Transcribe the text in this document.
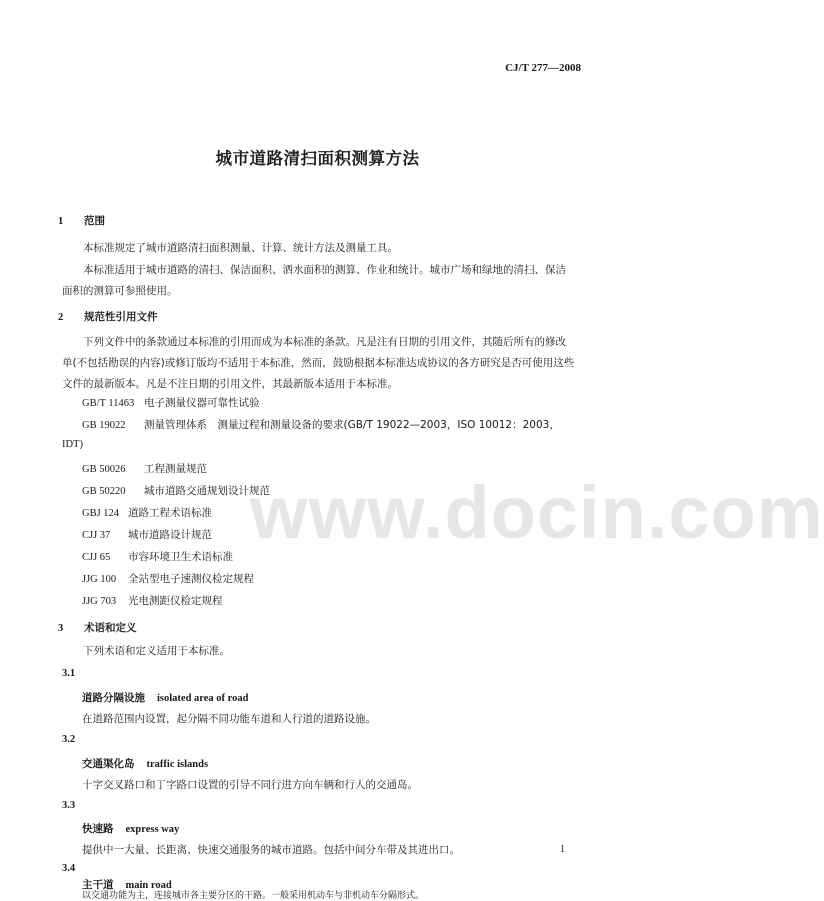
www.docin.com
CJ/T 277—2008
城市道路清扫面积测算方法
1 范围

本标准规定了城市道路清扫面积测量、计算、统计方法及测量工具。

本标准适用于城市道路的清扫、保洁面积、洒水面积的测算、作业和统计。城市广场和绿地的清扫、保洁面积的测算可参照使用。

2 规范性引用文件

下列文件中的条款通过本标准的引用而成为本标准的条款。凡是注有日期的引用文件，其随后所有的修改单(不包括勘误的内容)或修订版均不适用于本标准，然而，鼓励根据本标准达成协议的各方研究是否可使用这些文件的最新版本。凡是不注日期的引用文件，其最新版本适用于本标准。

GB/T 11463 电子测量仪器可靠性试验
GB 19022 测量管理体系　测量过程和测量设备的要求(GB/T 19022—2003，ISO 10012：2003，
IDT)
GB 50026 工程测量规范
GB 50220 城市道路交通规划设计规范
GBJ 124 道路工程术语标准
CJJ 37 城市道路设计规范
CJJ 65 市容环境卫生术语标准
JJG 100 全站型电子速测仪检定规程
JJG 703 光电测距仪检定规程
3 术语和定义

下列术语和定义适用于本标准。

3.1
道路分隔设施 isolated area of road
在道路范围内设置，起分隔不同功能车道和人行道的道路设施。
3.2
交通渠化岛 traffic islands
十字交叉路口和丁字路口设置的引导不同行进方向车辆和行人的交通岛。
3.3
快速路 express way
提供中一大量、长距离、快速交通服务的城市道路。包括中间分车带及其进出口。
3.4
主干道 main road
以交通功能为主，连接城市各主要分区的干路。一般采用机动车与非机动车分隔形式。
1
